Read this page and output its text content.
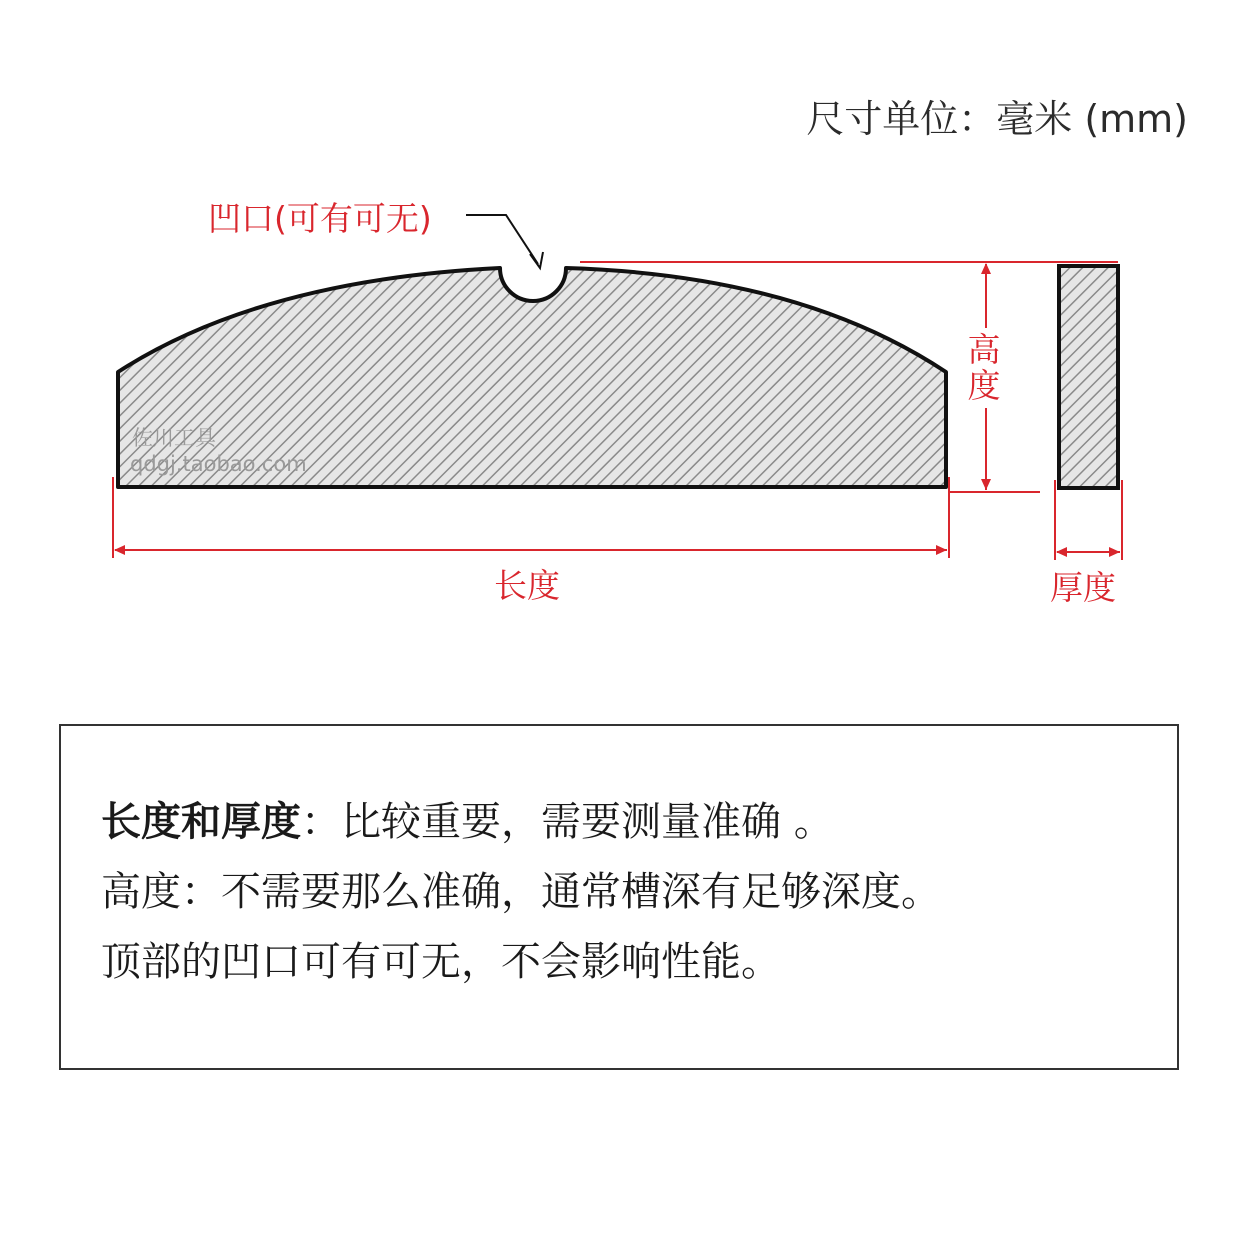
尺寸单位：毫米 (mm)
凹口(可有可无)
高度
长度	厚度
佐川工具
qdgj.taobao.com
长度和厚度：比较重要，需要测量准确 。
高度：不需要那么准确，通常槽深有足够深度。
顶部的凹口可有可无，不会影响性能。
